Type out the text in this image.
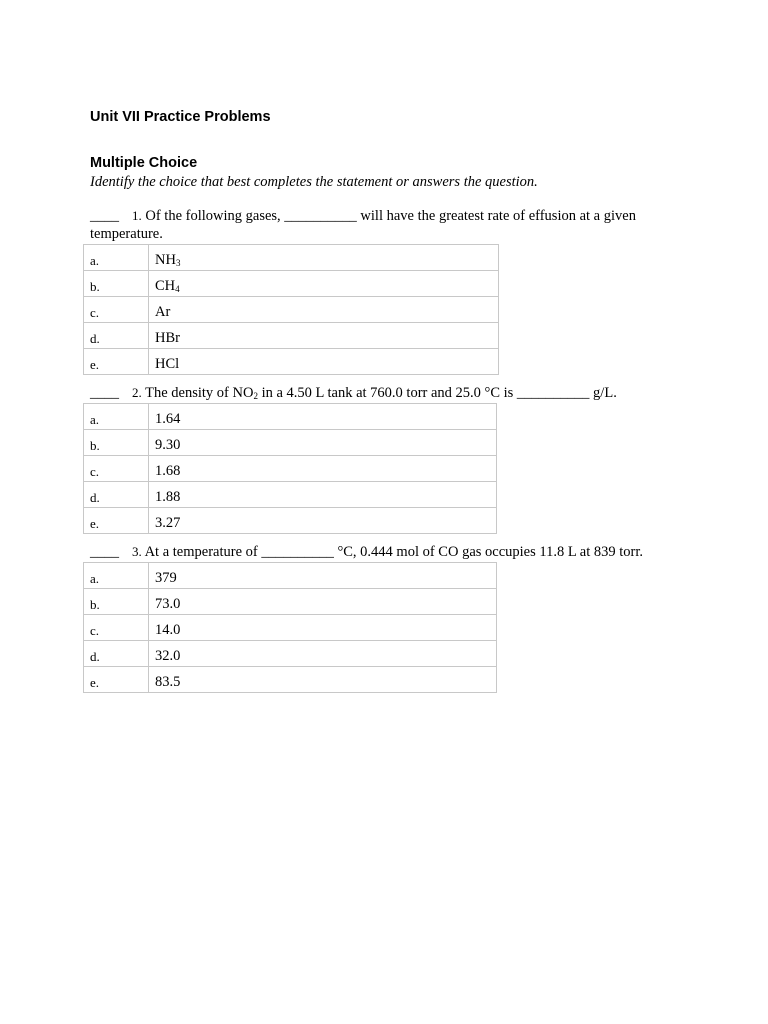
Unit VII Practice Problems
Multiple Choice
Identify the choice that best completes the statement or answers the question.
____ 1. Of the following gases, __________ will have the greatest rate of effusion at a given temperature.
a.	$NH_3$
b.	$CH_4$
c.	Ar
d.	HBr
e.	HCl
____ 2. The density of $NO_2$ in a 4.50 L tank at 760.0 torr and 25.0 °C is __________ g/L.
a.	1.64
b.	9.30
c.	1.68
d.	1.88
e.	3.27
____ 3. At a temperature of __________ °C, 0.444 mol of CO gas occupies 11.8 L at 839 torr.
a.	379
b.	73.0
c.	14.0
d.	32.0
e.	83.5
